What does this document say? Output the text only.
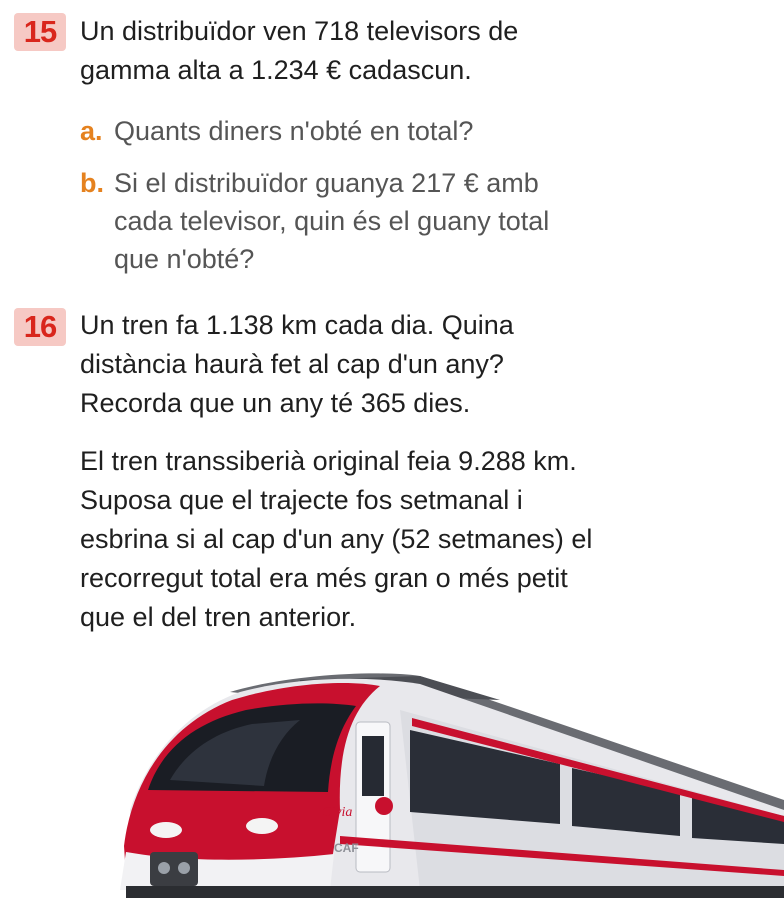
15 Un distribuïdor ven 718 televisors de
gamma alta a 1.234 € cadascun.

a. Quants diners n'obté en total?
b. Si el distribuïdor guanya 217 € amb
cada televisor, quin és el guany total
que n'obté?
16 Un tren fa 1.138 km cada dia. Quina
distància haurà fet al cap d'un any?
Recorda que un any té 365 dies.

El tren transsiberià original feia 9.288 km.
Suposa que el trajecte fos setmanal i
esbrina si al cap d'un any (52 setmanes) el
recorregut total era més gran o més petit
que el del tren anterior.

Civia
CAF
